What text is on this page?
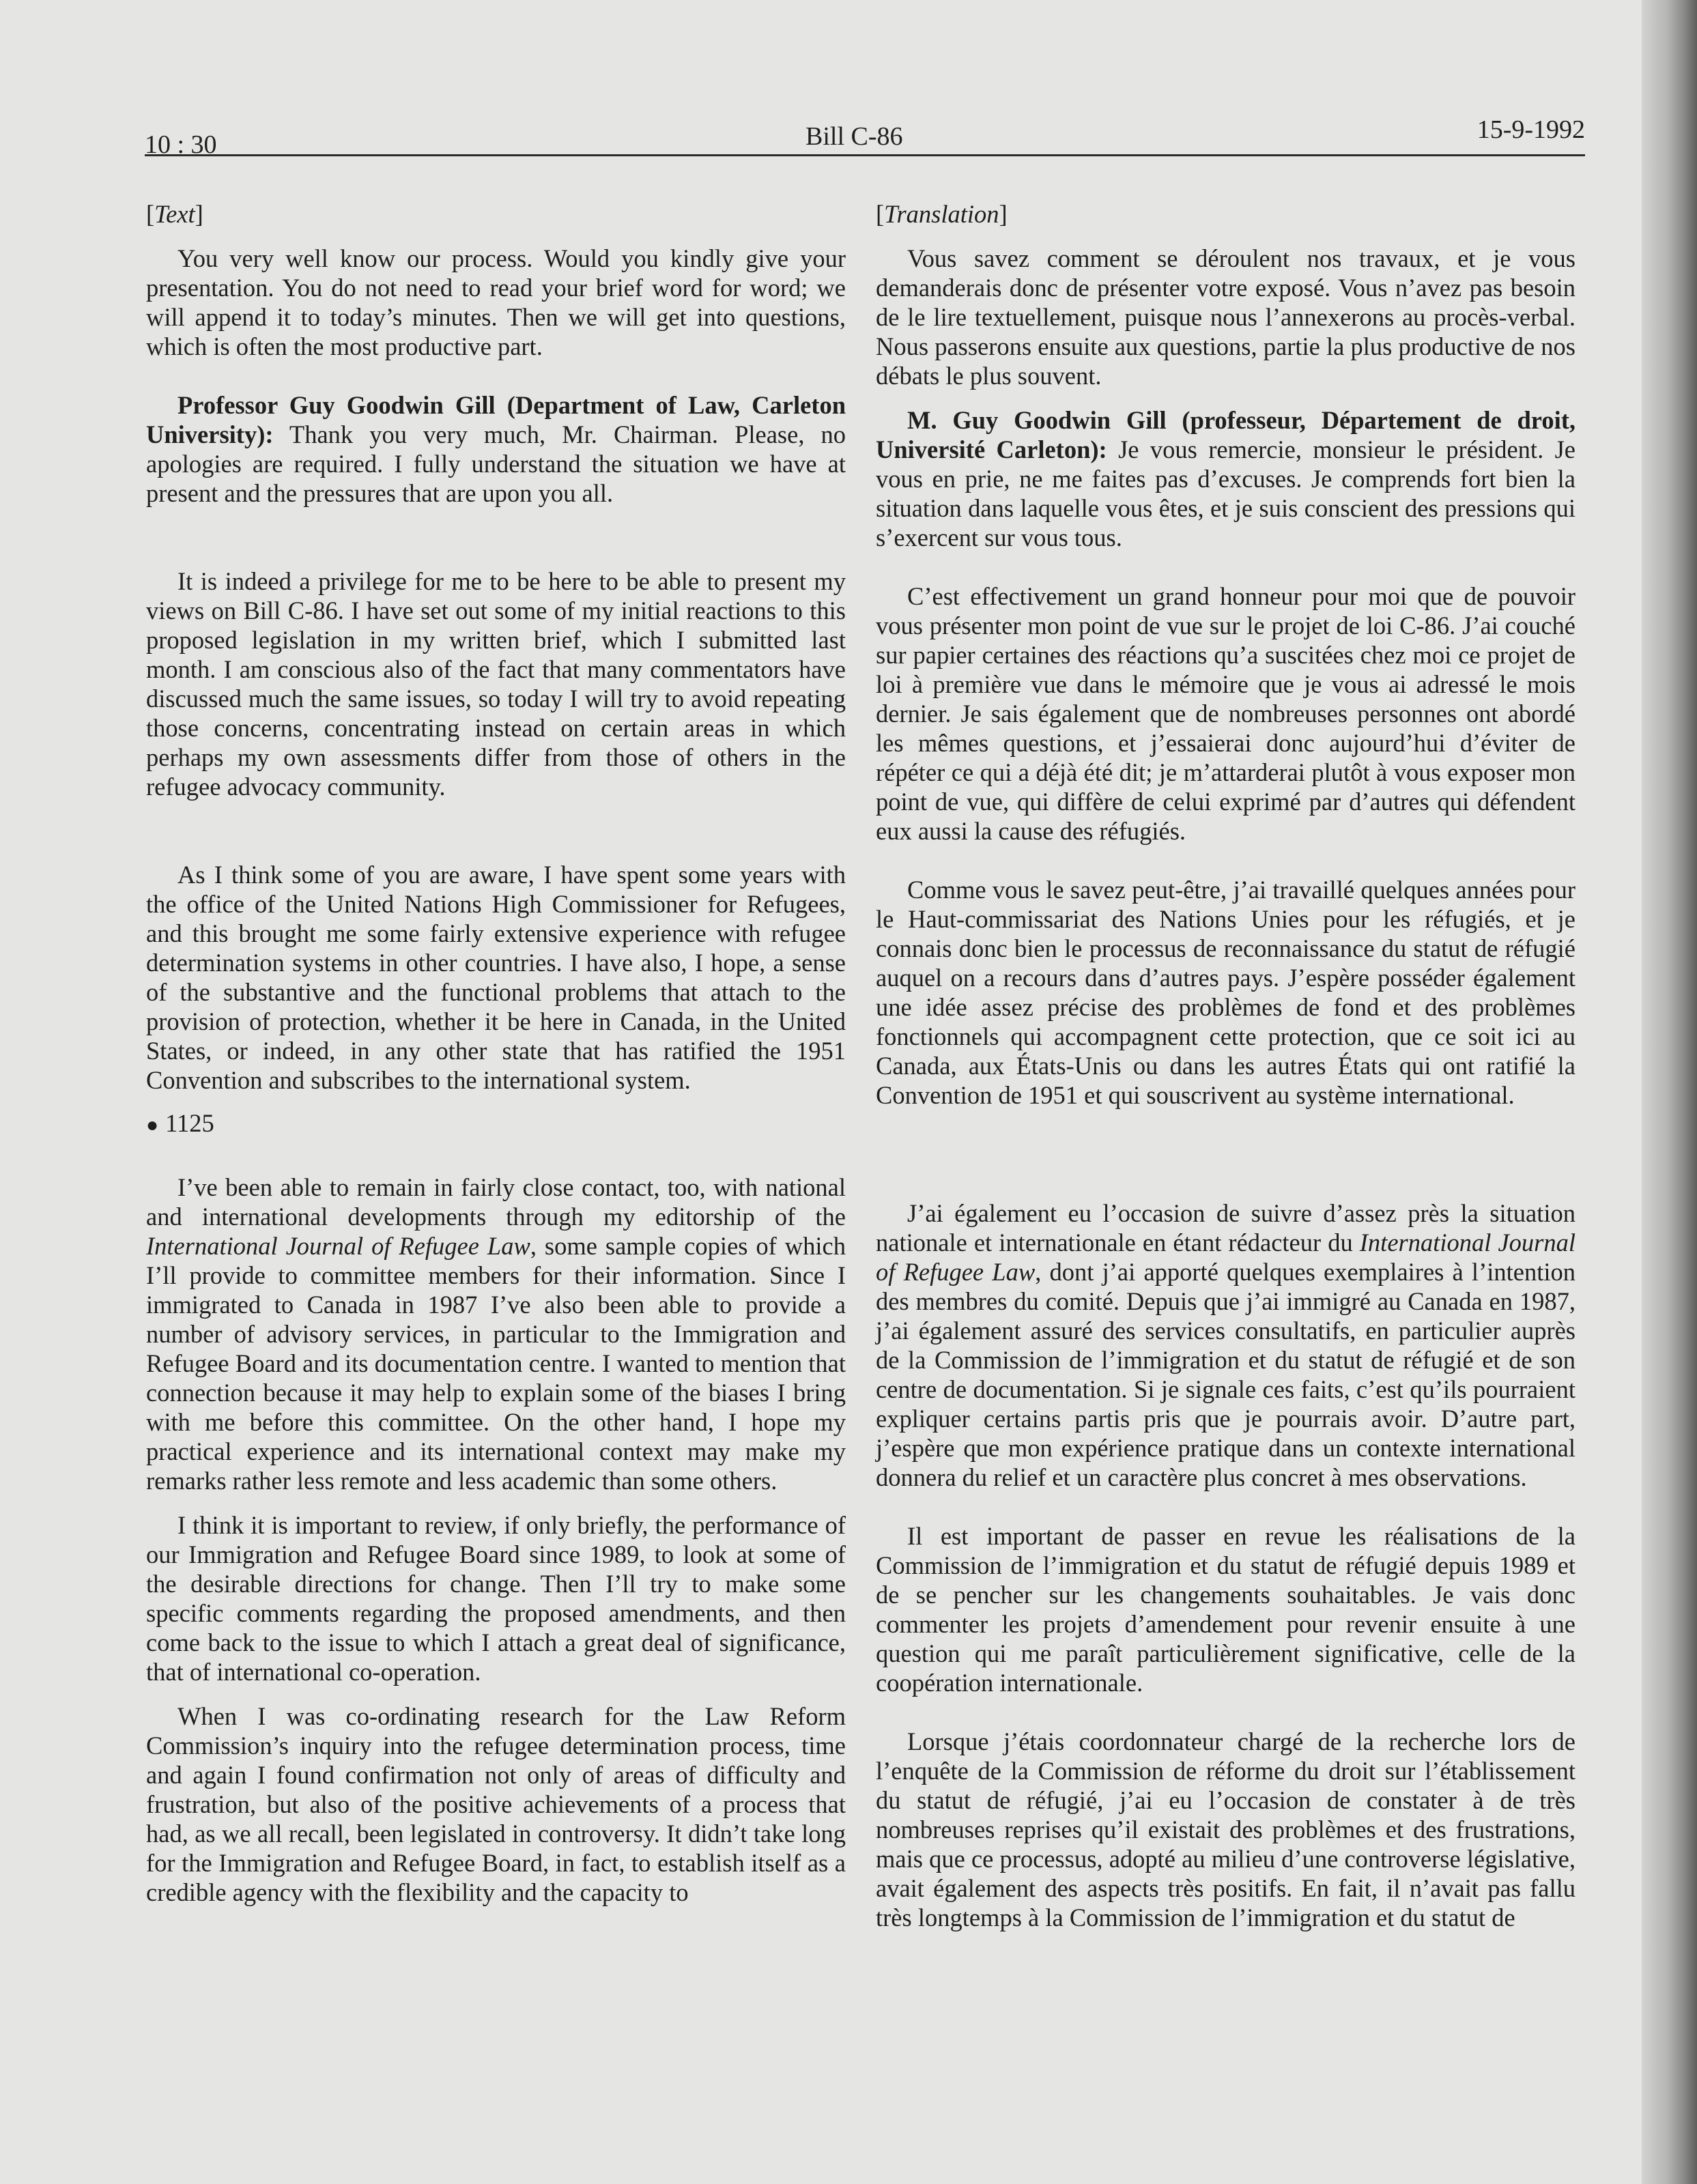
10 : 30	Bill C-86	15-9-1992

[Text]

You very well know our process. Would you kindly give your presentation. You do not need to read your brief word for word; we will append it to today’s minutes. Then we will get into questions, which is often the most productive part.

Professor Guy Goodwin Gill (Department of Law, Carleton University): Thank you very much, Mr. Chairman. Please, no apologies are required. I fully understand the situation we have at present and the pressures that are upon you all.

It is indeed a privilege for me to be here to be able to present my views on Bill C-86. I have set out some of my initial reactions to this proposed legislation in my written brief, which I submitted last month. I am conscious also of the fact that many commentators have discussed much the same issues, so today I will try to avoid repeating those concerns, concentrating instead on certain areas in which perhaps my own assessments differ from those of others in the refugee advocacy community.

As I think some of you are aware, I have spent some years with the office of the United Nations High Commissioner for Refugees, and this brought me some fairly extensive experience with refugee determination systems in other countries. I have also, I hope, a sense of the substantive and the functional problems that attach to the provision of protection, whether it be here in Canada, in the United States, or indeed, in any other state that has ratified the 1951 Convention and subscribes to the international system.

● 1125

I’ve been able to remain in fairly close contact, too, with national and international developments through my editorship of the International Journal of Refugee Law, some sample copies of which I’ll provide to committee members for their information. Since I immigrated to Canada in 1987 I’ve also been able to provide a number of advisory services, in particular to the Immigration and Refugee Board and its documentation centre. I wanted to mention that connection because it may help to explain some of the biases I bring with me before this committee. On the other hand, I hope my practical experience and its international context may make my remarks rather less remote and less academic than some others.

I think it is important to review, if only briefly, the performance of our Immigration and Refugee Board since 1989, to look at some of the desirable directions for change. Then I’ll try to make some specific comments regarding the proposed amendments, and then come back to the issue to which I attach a great deal of significance, that of international co-operation.

When I was co-ordinating research for the Law Reform Commission’s inquiry into the refugee determination process, time and again I found confirmation not only of areas of difficulty and frustration, but also of the positive achievements of a process that had, as we all recall, been legislated in controversy. It didn’t take long for the Immigration and Refugee Board, in fact, to establish itself as a credible agency with the flexibility and the capacity to

[Translation]

Vous savez comment se déroulent nos travaux, et je vous demanderais donc de présenter votre exposé. Vous n’avez pas besoin de le lire textuellement, puisque nous l’annexerons au procès-verbal. Nous passerons ensuite aux questions, partie la plus productive de nos débats le plus souvent.

M. Guy Goodwin Gill (professeur, Département de droit, Université Carleton): Je vous remercie, monsieur le président. Je vous en prie, ne me faites pas d’excuses. Je comprends fort bien la situation dans laquelle vous êtes, et je suis conscient des pressions qui s’exercent sur vous tous.

C’est effectivement un grand honneur pour moi que de pouvoir vous présenter mon point de vue sur le projet de loi C-86. J’ai couché sur papier certaines des réactions qu’a suscitées chez moi ce projet de loi à première vue dans le mémoire que je vous ai adressé le mois dernier. Je sais également que de nombreuses personnes ont abordé les mêmes questions, et j’essaierai donc aujourd’hui d’éviter de répéter ce qui a déjà été dit; je m’attarderai plutôt à vous exposer mon point de vue, qui diffère de celui exprimé par d’autres qui défendent eux aussi la cause des réfugiés.

Comme vous le savez peut-être, j’ai travaillé quelques années pour le Haut-commissariat des Nations Unies pour les réfugiés, et je connais donc bien le processus de reconnaissance du statut de réfugié auquel on a recours dans d’autres pays. J’espère posséder également une idée assez précise des problèmes de fond et des problèmes fonctionnels qui accompagnent cette protection, que ce soit ici au Canada, aux États-Unis ou dans les autres États qui ont ratifié la Convention de 1951 et qui souscrivent au système international.

J’ai également eu l’occasion de suivre d’assez près la situation nationale et internationale en étant rédacteur du International Journal of Refugee Law, dont j’ai apporté quelques exemplaires à l’intention des membres du comité. Depuis que j’ai immigré au Canada en 1987, j’ai également assuré des services consultatifs, en particulier auprès de la Commission de l’immigration et du statut de réfugié et de son centre de documentation. Si je signale ces faits, c’est qu’ils pourraient expliquer certains partis pris que je pourrais avoir. D’autre part, j’espère que mon expérience pratique dans un contexte international donnera du relief et un caractère plus concret à mes observations.

Il est important de passer en revue les réalisations de la Commission de l’immigration et du statut de réfugié depuis 1989 et de se pencher sur les changements souhaitables. Je vais donc commenter les projets d’amendement pour revenir ensuite à une question qui me paraît particulièrement significative, celle de la coopération internationale.

Lorsque j’étais coordonnateur chargé de la recherche lors de l’enquête de la Commission de réforme du droit sur l’établissement du statut de réfugié, j’ai eu l’occasion de constater à de très nombreuses reprises qu’il existait des problèmes et des frustrations, mais que ce processus, adopté au milieu d’une controverse législative, avait également des aspects très positifs. En fait, il n’avait pas fallu très longtemps à la Commission de l’immigration et du statut de
